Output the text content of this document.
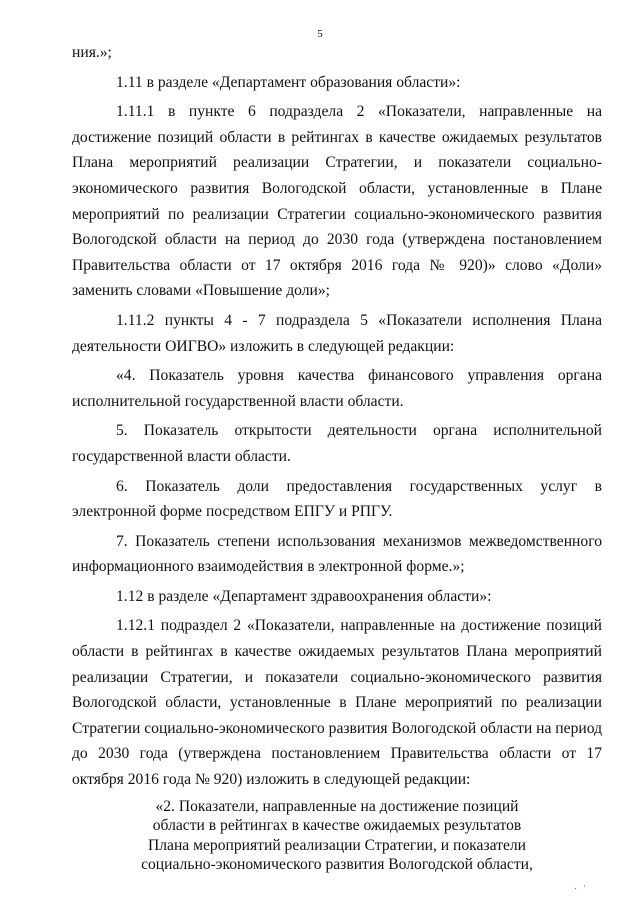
5

ния.»;

1.11 в разделе «Департамент образования области»:

1.11.1 в пункте 6 подраздела 2 «Показатели, направленные на достижение позиций области в рейтингах в качестве ожидаемых результатов Плана мероприятий реализации Стратегии, и показатели социально-экономического развития Вологодской области, установленные в Плане мероприятий по реализации Стратегии социально-экономического развития Вологодской области на период до 2030 года (утверждена постановлением Правительства области от 17 октября 2016 года № 920)» слово «Доли» заменить словами «Повышение доли»;

1.11.2 пункты 4 - 7 подраздела 5 «Показатели исполнения Плана деятельности ОИГВО» изложить в следующей редакции:

«4. Показатель уровня качества финансового управления органа исполнительной государственной власти области.

5. Показатель открытости деятельности органа исполнительной государственной власти области.

6. Показатель доли предоставления государственных услуг в электронной форме посредством ЕПГУ и РПГУ.

7. Показатель степени использования механизмов межведомственного информационного взаимодействия в электронной форме.»;

1.12 в разделе «Департамент здравоохранения области»:

1.12.1 подраздел 2 «Показатели, направленные на достижение позиций области в рейтингах в качестве ожидаемых результатов Плана мероприятий реализации Стратегии, и показатели социально-экономического развития Вологодской области, установленные в Плане мероприятий по реализации Стратегии социально-экономического развития Вологодской области на период до 2030 года (утверждена постановлением Правительства области от 17 октября 2016 года № 920) изложить в следующей редакции:

«2. Показатели, направленные на достижение позиций
области в рейтингах в качестве ожидаемых результатов
Плана мероприятий реализации Стратегии, и показатели
социально-экономического развития Вологодской области,
. ·
